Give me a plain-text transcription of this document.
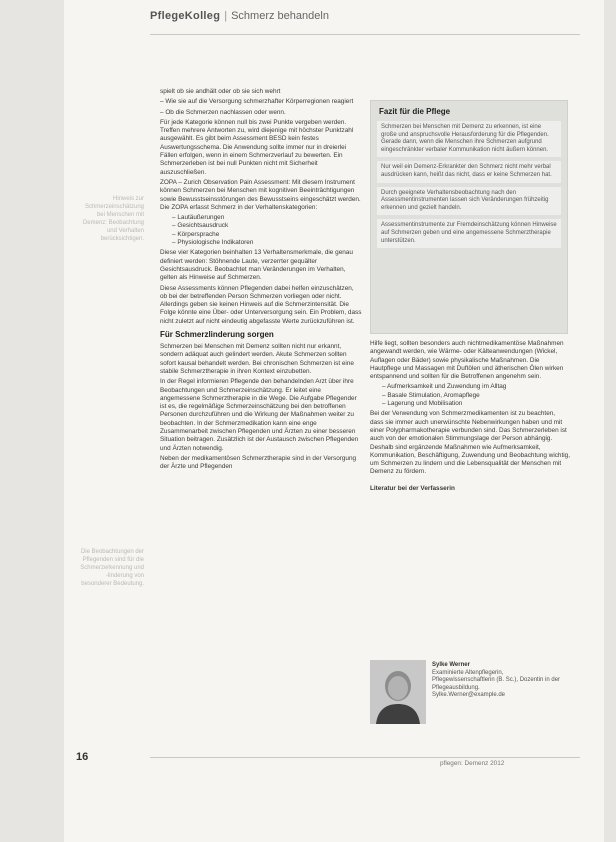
PflegeKolleg | Schmerz behandeln
Hinweis zur Schmerzeinschätzung bei Menschen mit Demenz: Beobachtung und Verhalten berücksichtigen.
Die Beobachtungen der Pflegenden sind für die Schmerzerkennung und -linderung von besonderer Bedeutung.

spielt ob sie andhält oder ob sie sich wehrt

– Wie sie auf die Versorgung schmerzhafter Körperregionen reagiert

– Ob die Schmerzen nachlassen oder wenn.

Für jede Kategorie können null bis zwei Punkte vergeben werden. Treffen mehrere Antworten zu, wird diejenige mit höchster Punktzahl ausgewählt. Es gibt beim Assessment BESD kein festes Auswertungsschema. Die Anwendung sollte immer nur in dreierlei Fällen erfolgen, wenn in einem Schmerzverlauf zu bewerten. Ein Schmerzerleben ist bei null Punkten nicht mit Sicherheit auszuschließen.

ZOPA – Zurich Observation Pain Assessment: Mit diesem Instrument können Schmerzen bei Menschen mit kognitiven Beeinträchtigungen sowie Bewusstseinsstörungen des Bewusstseins eingeschätzt werden. Die ZOPA erfasst Schmerz in der Verhaltenskategorien:

– Lautäußerungen
– Gesichtsausdruck
– Körpersprache
– Physiologische Indikatoren

Diese vier Kategorien beinhalten 13 Verhaltensmerkmale, die genau definiert werden: Stöhnende Laute, verzerrter gequälter Gesichtsausdruck. Beobachtet man Veränderungen im Verhalten, gelten als Hinweise auf Schmerzen.

Diese Assessments können Pflegenden dabei helfen einzuschätzen, ob bei der betreffenden Person Schmerzen vorliegen oder nicht. Allerdings geben sie keinen Hinweis auf die Schmerzintensität. Die Folge könnte eine Über- oder Unterversorgung sein. Ein Problem, dass nicht zuletzt auf nicht eindeutig abgefasste Werte zurückzuführen ist.

Für Schmerzlinderung sorgen

Schmerzen bei Menschen mit Demenz sollten nicht nur erkannt, sondern adäquat auch gelindert werden. Akute Schmerzen sollten sofort kausal behandelt werden. Bei chronischen Schmerzen ist eine stabile Schmerztherapie in ihren Kontext einzubetten.

In der Regel informieren Pflegende den behandelnden Arzt über ihre Beobachtungen und Schmerzeinschätzung. Er leitet eine angemessene Schmerztherapie in die Wege. Die Aufgabe Pflegender ist es, die regelmäßige Schmerzeinschätzung bei den betroffenen Personen durchzuführen und die Wirkung der Maßnahmen weiter zu beobachten. In der Schmerzmedikation kann eine enge Zusammenarbeit zwischen Pflegenden und Ärzten zu einer besseren Situation beitragen. Zusätzlich ist der Austausch zwischen Pflegenden und Ärzten notwendig.

Neben der medikamentösen Schmerztherapie sind in der Versorgung der Ärzte und Pflegenden

Fazit für die Pflege
Schmerzen bei Menschen mit Demenz zu erkennen, ist eine große und anspruchsvolle Herausforderung für die Pflegenden. Gerade dann, wenn die Menschen ihre Schmerzen aufgrund eingeschränkter verbaler Kommunikation nicht äußern können.
Nur weil ein Demenz-Erkrankter den Schmerz nicht mehr verbal ausdrücken kann, heißt das nicht, dass er keine Schmerzen hat.
Durch geeignete Verhaltensbeobachtung nach den Assessmentinstrumenten lassen sich Veränderungen frühzeitig erkennen und gezielt handeln.
Assessmentinstrumente zur Fremdeinschätzung können Hinweise auf Schmerzen geben und eine angemessene Schmerztherapie unterstützen.

Hilfe liegt, sollten besonders auch nichtmedikamentöse Maßnahmen angewandt werden, wie Wärme- oder Kälteanwendungen (Wickel, Auflagen oder Bäder) sowie physikalische Maßnahmen. Die Hautpflege und Massagen mit Duftölen und ätherischen Ölen wirken entspannend und sollten für die Betroffenen angenehm sein.

– Aufmerksamkeit und Zuwendung im Alltag
– Basale Stimulation, Aromapflege
– Lagerung und Mobilisation

Bei der Verwendung von Schmerzmedikamenten ist zu beachten, dass sie immer auch unerwünschte Nebenwirkungen haben und mit einer Polypharmakotherapie verbunden sind. Das Schmerzerleben ist auch von der emotionalen Stimmungslage der Person abhängig. Deshalb sind ergänzende Maßnahmen wie Aufmerksamkeit, Kommunikation, Beschäftigung, Zuwendung und Beobachtung wichtig, um Schmerzen zu lindern und die Lebensqualität der Menschen mit Demenz zu fördern.

Literatur bei der Verfasserin

Sylke Werner
Examinierte Altenpflegerin, Pflegewissenschaftlerin (B. Sc.), Dozentin in der Pflegeausbildung.
Sylke.Werner@example.de
16
pflegen: Demenz 2012
